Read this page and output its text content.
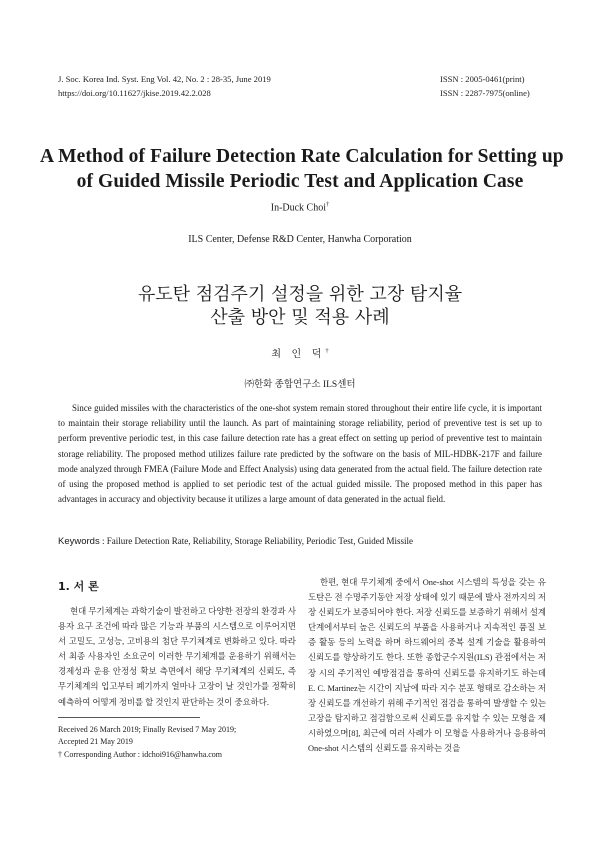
J. Soc. Korea Ind. Syst. Eng Vol. 42, No. 2 : 28-35, June 2019
https://doi.org/10.11627/jkise.2019.42.2.028
ISSN : 2005-0461(print)
ISSN : 2287-7975(online)
A Method of Failure Detection Rate Calculation for Setting up
of Guided Missile Periodic Test and Application Case
In-Duck Choi†
ILS Center, Defense R&D Center, Hanwha Corporation
유도탄 점검주기 설정을 위한 고장 탐지율
산출 방안 및 적용 사례
최 인 덕†
㈜한화 종합연구소 ILS센터
Since guided missiles with the characteristics of the one-shot system remain stored throughout their entire life cycle, it is important to maintain their storage reliability until the launch. As part of maintaining storage reliability, period of preventive test is set up to perform preventive periodic test, in this case failure detection rate has a great effect on setting up period of preventive test to maintain storage reliability. The proposed method utilizes failure rate predicted by the software on the basis of MIL-HDBK-217F and failure mode analyzed through FMEA (Failure Mode and Effect Analysis) using data generated from the actual field. The failure detection rate of using the proposed method is applied to set periodic test of the actual guided missile. The proposed method in this paper has advantages in accuracy and objectivity because it utilizes a large amount of data generated in the actual field.
Keywords : Failure Detection Rate, Reliability, Storage Reliability, Periodic Test, Guided Missile
1. 서 론
현대 무기체계는 과학기술이 발전하고 다양한 전장의 환경과 사용자 요구 조건에 따라 많은 기능과 부품의 시스템으로 이루어지면서 고밀도, 고성능, 고비용의 첨단 무기체계로 변화하고 있다. 따라서 최종 사용자인 소요군이 이러한 무기체계를 운용하기 위해서는 경제성과 운용 안정성 확보 측면에서 해당 무기체계의 신뢰도, 즉 무기체계의 입고부터 폐기까지 얼마나 고장이 날 것인가를 정확히 예측하여 어떻게 정비를 할 것인지 판단하는 것이 중요하다.
한편, 현대 무기체계 중에서 One-shot 시스템의 특성을 갖는 유도탄은 전 수명주기동안 저장 상태에 있기 때문에 발사 전까지의 저장 신뢰도가 보증되어야 한다. 저장 신뢰도를 보증하기 위해서 설계 단계에서부터 높은 신뢰도의 부품을 사용하거나 지속적인 품질 보증 활동 등의 노력을 하며 하드웨어의 중복 설계 기술을 활용하여 신뢰도를 향상하기도 한다. 또한 종합군수지원(ILS) 관점에서는 저장 시의 주기적인 예방점검을 통하여 신뢰도를 유지하기도 하는데 E. C. Martinez는 시간이 지남에 따라 지수 분포 형태로 감소하는 저장 신뢰도를 개선하기 위해 주기적인 점검을 통하여 발생할 수 있는 고장을 탐지하고 점검함으로써 신뢰도를 유지할 수 있는 모형을 제시하였으며[8], 최근에 여러 사례가 이 모형을 사용하거나 응용하여 One-shot 시스템의 신뢰도를 유지하는 것을
Received 26 March 2019; Finally Revised 7 May 2019;
Accepted 21 May 2019
† Corresponding Author : idchoi916@hanwha.com
